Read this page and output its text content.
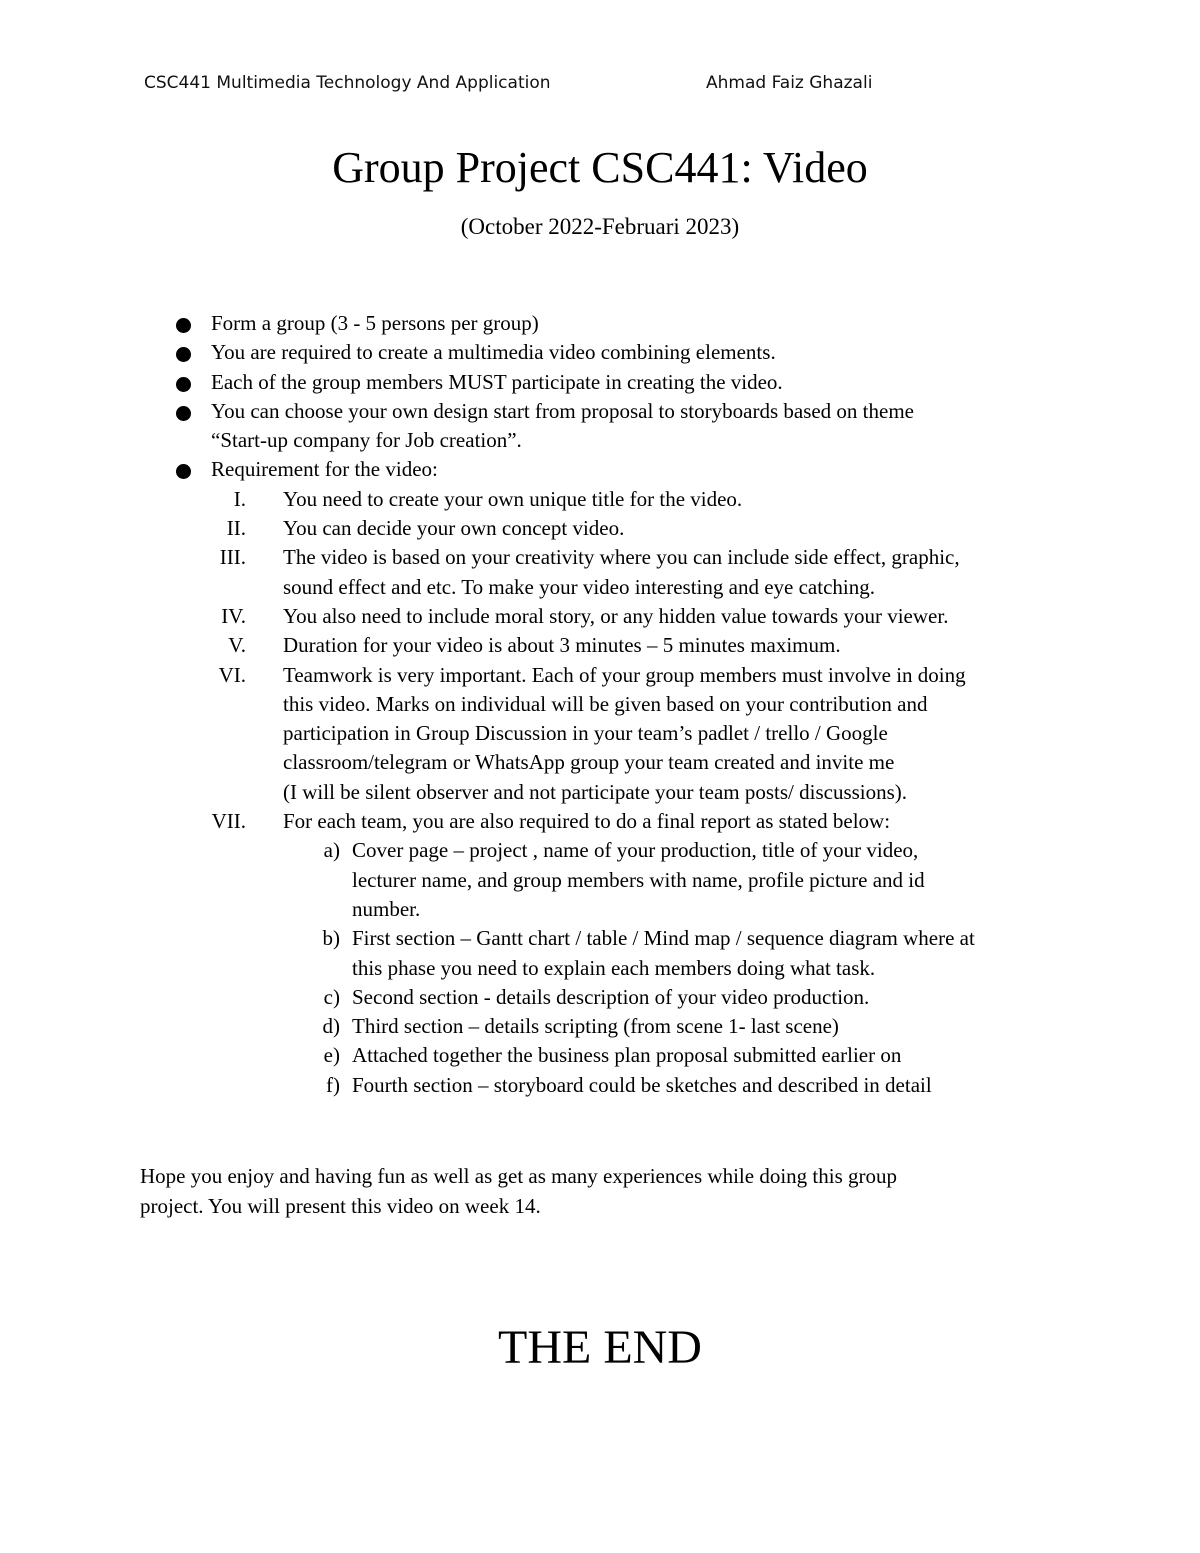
CSC441 Multimedia Technology And Application	Ahmad Faiz Ghazali
Group Project CSC441: Video
(October 2022-Februari 2023)
Form a group (3 - 5 persons per group)
You are required to create a multimedia video combining elements.
Each of the group members MUST participate in creating the video.
You can choose your own design start from proposal to storyboards based on theme
“Start-up company for Job creation”.
Requirement for the video:
I. You need to create your own unique title for the video.
II. You can decide your own concept video.
III. The video is based on your creativity where you can include side effect, graphic,
sound effect and etc. To make your video interesting and eye catching.
IV. You also need to include moral story, or any hidden value towards your viewer.
V. Duration for your video is about 3 minutes – 5 minutes maximum.
VI. Teamwork is very important. Each of your group members must involve in doing
this video. Marks on individual will be given based on your contribution and
participation in Group Discussion in your team’s padlet / trello / Google
classroom/telegram or WhatsApp group your team created and invite me
(I will be silent observer and not participate your team posts/ discussions).
VII. For each team, you are also required to do a final report as stated below:
a) Cover page – project , name of your production, title of your video,
lecturer name, and group members with name, profile picture and id
number.
b) First section – Gantt chart / table / Mind map / sequence diagram where at
this phase you need to explain each members doing what task.
c) Second section - details description of your video production.
d) Third section – details scripting (from scene 1- last scene)
e) Attached together the business plan proposal submitted earlier on
f) Fourth section – storyboard could be sketches and described in detail
Hope you enjoy and having fun as well as get as many experiences while doing this group
project. You will present this video on week 14.
THE END
